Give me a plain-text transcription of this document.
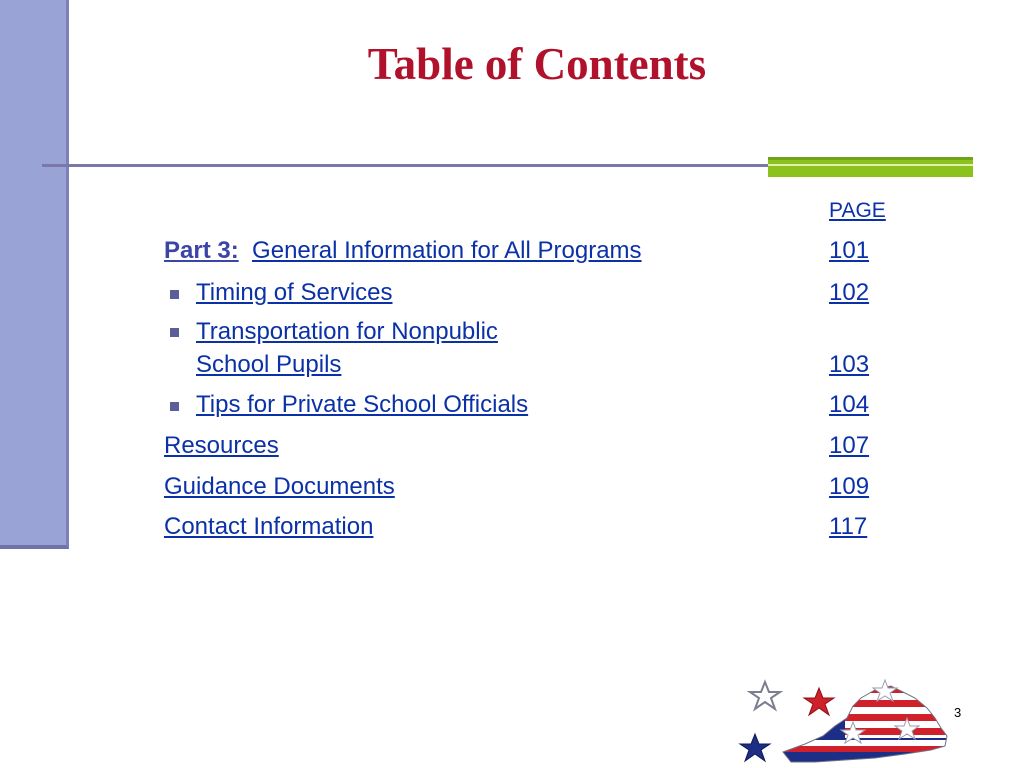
Table of Contents
PAGE
Part 3: General Information for All Programs	101
Timing of Services	102
Transportation for Nonpublic
School Pupils	103
Tips for Private School Officials	104
Resources	107
Guidance Documents	109
Contact Information	117
3
